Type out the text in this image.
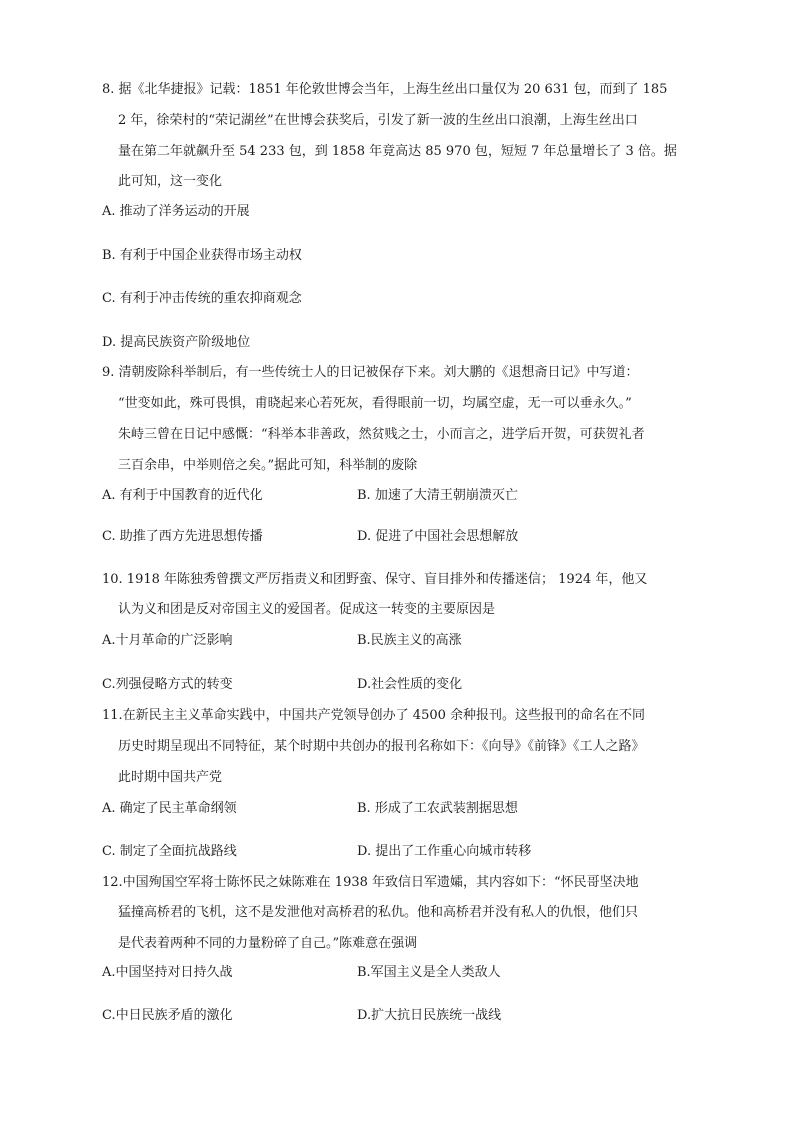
8. 据《北华捷报》记载：1851 年伦敦世博会当年，上海生丝出口量仅为 20 631 包，而到了 185
2 年，徐荣村的“荣记湖丝”在世博会获奖后，引发了新一波的生丝出口浪潮，上海生丝出口
量在第二年就飙升至 54 233 包，到 1858 年竟高达 85 970 包，短短 7 年总量增长了 3 倍。据
此可知，这一变化
A. 推动了洋务运动的开展
B. 有利于中国企业获得市场主动权
C. 有利于冲击传统的重农抑商观念
D. 提高民族资产阶级地位
9. 清朝废除科举制后，有一些传统士人的日记被保存下来。刘大鹏的《退想斋日记》中写道：
“世变如此，殊可畏惧，甫晓起来心若死灰，看得眼前一切，均属空虚，无一可以垂永久。”
朱峙三曾在日记中感慨：“科举本非善政，然贫贱之士，小而言之，进学后开贺，可获贺礼者
三百余串，中举则倍之矣。”据此可知，科举制的废除
A. 有利于中国教育的近代化	B. 加速了大清王朝崩溃灭亡
C. 助推了西方先进思想传播	D. 促进了中国社会思想解放
10. 1918 年陈独秀曾撰文严厉指责义和团野蛮、保守、盲目排外和传播迷信； 1924 年，他又
认为义和团是反对帝国主义的爱国者。促成这一转变的主要原因是
A.十月革命的广泛影响	B.民族主义的高涨
C.列强侵略方式的转变	D.社会性质的变化
11.在新民主主义革命实践中，中国共产党领导创办了 4500 余种报刊。这些报刊的命名在不同
历史时期呈现出不同特征，某个时期中共创办的报刊名称如下：《向导》《前锋》《工人之路》
此时期中国共产党
A. 确定了民主革命纲领	B. 形成了工农武装割据思想
C. 制定了全面抗战路线	D. 提出了工作重心向城市转移
12.中国殉国空军将士陈怀民之妹陈难在 1938 年致信日军遗孀，其内容如下：“怀民哥坚决地
猛撞高桥君的飞机，这不是发泄他对高桥君的私仇。他和高桥君并没有私人的仇恨，他们只
是代表着两种不同的力量粉碎了自己。”陈难意在强调
A.中国坚持对日持久战	B.军国主义是全人类敌人
C.中日民族矛盾的激化	D.扩大抗日民族统一战线
